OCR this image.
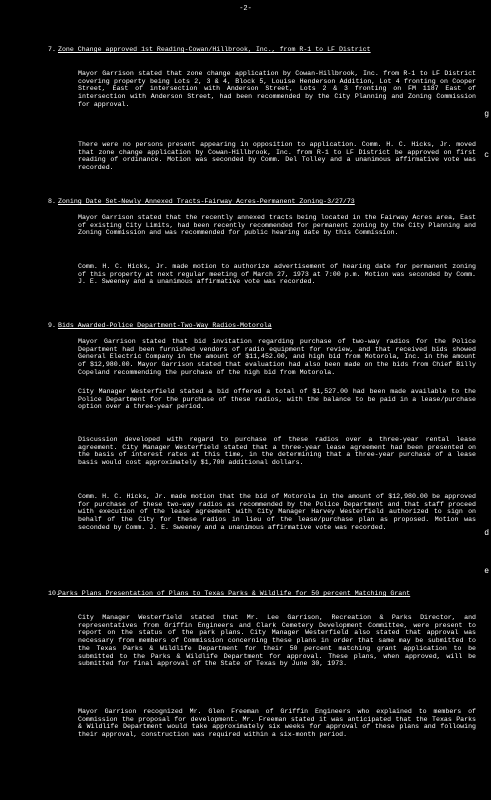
-2-
7. Zone Change approved 1st Reading-Cowan/Hillbrook, Inc., from R-1 to LF District
Mayor Garrison stated that zone change application by Cowan-Hillbrook, Inc. from R-1 to LF District covering property being Lots 2, 3 & 4, Block 5, Louise Henderson Addition, Lot 4 fronting on Cooper Street, East of intersection with Anderson Street, Lots 2 & 3 fronting on FM 1187 East of intersection with Anderson Street, had been recommended by the City Planning and Zoning Commission for approval.
There were no persons present appearing in opposition to application. Comm. H. C. Hicks, Jr. moved that zone change application by Cowan-Hillbrook, Inc. from R-1 to LF District be approved on first reading of ordinance. Motion was seconded by Comm. Del Tolley and a unanimous affirmative vote was recorded.
8. Zoning Date Set-Newly Annexed Tracts-Fairway Acres-Permanent Zoning-3/27/73
Mayor Garrison stated that the recently annexed tracts being located in the Fairway Acres area, East of existing City Limits, had been recently recommended for permanent zoning by the City Planning and Zoning Commission and was recommended for public hearing date by this Commission.
Comm. H. C. Hicks, Jr. made motion to authorize advertisement of hearing date for permanent zoning of this property at next regular meeting of March 27, 1973 at 7:00 p.m. Motion was seconded by Comm. J. E. Sweeney and a unanimous affirmative vote was recorded.
9. Bids Awarded-Police Department-Two-Way Radios-Motorola
Mayor Garrison stated that bid invitation regarding purchase of two-way radios for the Police Department had been furnished vendors of radio equipment for review, and that received bids showed General Electric Company in the amount of $11,452.00, and high bid from Motorola, Inc. in the amount of $12,980.00. Mayor Garrison stated that evaluation had also been made on the bids from Chief Billy Copeland recommending the purchase of the high bid from Motorola.
City Manager Westerfield stated a bid offered a total of $1,527.00 had been made available to the Police Department for the purchase of these radios, with the balance to be paid in a lease/purchase option over a three-year period.
Discussion developed with regard to purchase of these radios over a three-year rental lease agreement. City Manager Westerfield stated that a three-year lease agreement had been presented on the basis of interest rates at this time, in the determining that a three-year purchase of a lease basis would cost approximately $1,700 additional dollars.
Comm. H. C. Hicks, Jr. made motion that the bid of Motorola in the amount of $12,980.00 be approved for purchase of these two-way radios as recommended by the Police Department and that staff proceed with execution of the lease agreement with City Manager Harvey Westerfield authorized to sign on behalf of the City for these radios in lieu of the lease/purchase plan as proposed. Motion was seconded by Comm. J. E. Sweeney and a unanimous affirmative vote was recorded.
10.
Parks Plans Presentation of Plans to Texas Parks & Wildlife for 50 percent Matching Grant
City Manager Westerfield stated that Mr. Lee Garrison, Recreation & Parks Director, and representatives from Griffin Engineers and Clark Cemetery Development Committee, were present to report on the status of the park plans. City Manager Westerfield also stated that approval was necessary from members of Commission concerning these plans in order that same may be submitted to the Texas Parks & Wildlife Department for their 50 percent matching grant application to be submitted to the Parks & Wildlife Department for approval. These plans, when approved, will be submitted for final approval of the State of Texas by June 30, 1973.
Mayor Garrison recognized Mr. Glen Freeman of Griffin Engineers who explained to members of Commission the proposal for development. Mr. Freeman stated it was anticipated that the Texas Parks & Wildlife Department would take approximately six weeks for approval of these plans and following their approval, construction was required within a six-month period.
g
c
d
e
